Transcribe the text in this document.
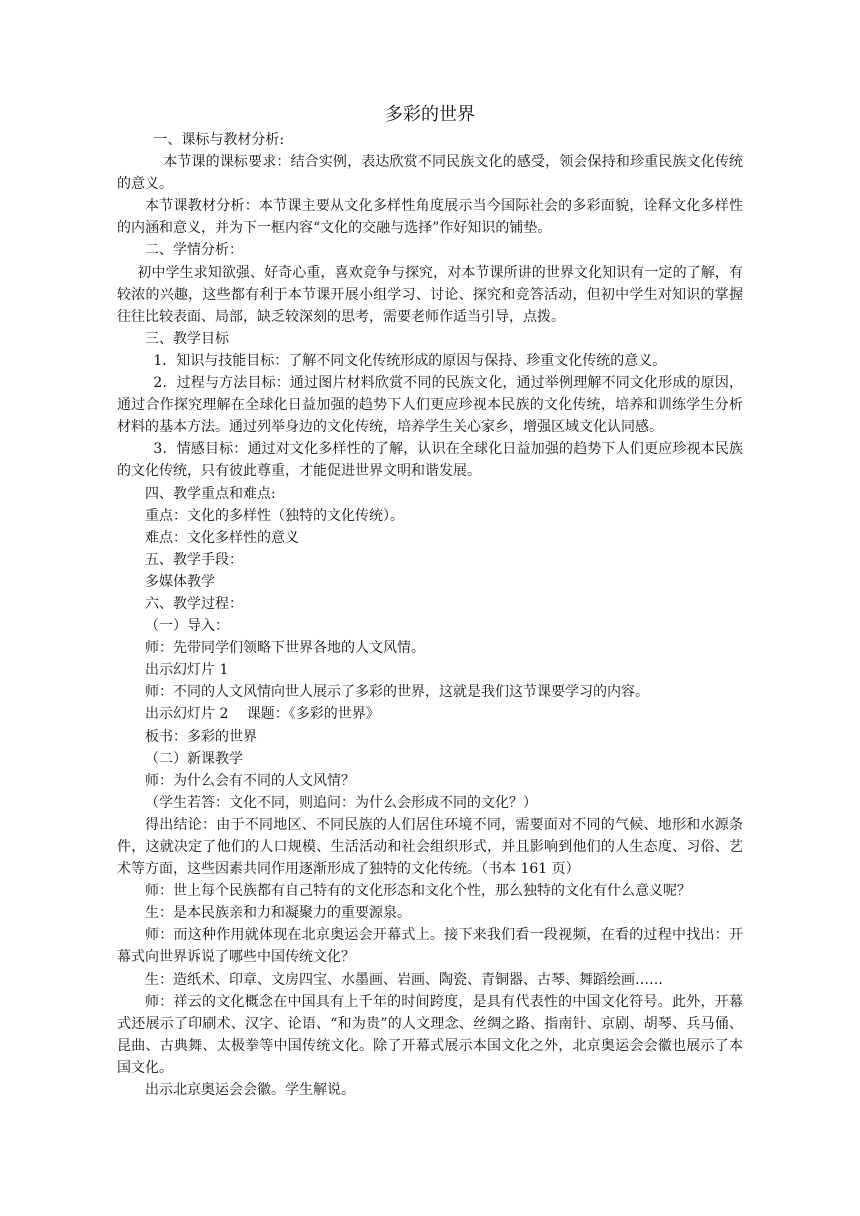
多彩的世界

一、课标与教材分析:

本节课的课标要求：结合实例，表达欣赏不同民族文化的感受，领会保持和珍重民族文化传统的意义。

本节课教材分析：本节课主要从文化多样性角度展示当今国际社会的多彩面貌，诠释文化多样性的内涵和意义，并为下一框内容“文化的交融与选择”作好知识的铺垫。

二、学情分析：

初中学生求知欲强、好奇心重，喜欢竞争与探究，对本节课所讲的世界文化知识有一定的了解，有较浓的兴趣，这些都有利于本节课开展小组学习、讨论、探究和竞答活动，但初中学生对知识的掌握往往比较表面、局部，缺乏较深刻的思考，需要老师作适当引导，点拨。

三、教学目标

1．知识与技能目标：了解不同文化传统形成的原因与保持、珍重文化传统的意义。

2．过程与方法目标：通过图片材料欣赏不同的民族文化，通过举例理解不同文化形成的原因，通过合作探究理解在全球化日益加强的趋势下人们更应珍视本民族的文化传统，培养和训练学生分析材料的基本方法。通过列举身边的文化传统，培养学生关心家乡，增强区域文化认同感。

3．情感目标：通过对文化多样性的了解，认识在全球化日益加强的趋势下人们更应珍视本民族的文化传统，只有彼此尊重，才能促进世界文明和谐发展。

四、教学重点和难点:

重点：文化的多样性（独特的文化传统）。

难点：文化多样性的意义

五、教学手段：

多媒体教学

六、教学过程：

（一）导入：

师：先带同学们领略下世界各地的人文风情。

出示幻灯片 1

师：不同的人文风情向世人展示了多彩的世界，这就是我们这节课要学习的内容。

出示幻灯片 2　 课题：《多彩的世界》

板书：多彩的世界

（二）新课教学

师：为什么会有不同的人文风情？

（学生若答：文化不同，则追问：为什么会形成不同的文化？）

得出结论：由于不同地区、不同民族的人们居住环境不同，需要面对不同的气候、地形和水源条件，这就决定了他们的人口规模、生活活动和社会组织形式，并且影响到他们的人生态度、习俗、艺术等方面，这些因素共同作用逐渐形成了独特的文化传统。（书本 161 页）

师：世上每个民族都有自己特有的文化形态和文化个性，那么独特的文化有什么意义呢？

生：是本民族亲和力和凝聚力的重要源泉。

师：而这种作用就体现在北京奥运会开幕式上。接下来我们看一段视频，在看的过程中找出：开幕式向世界诉说了哪些中国传统文化？

生：造纸术、印章、文房四宝、水墨画、岩画、陶瓷、青铜器、古琴、舞蹈绘画……

师：祥云的文化概念在中国具有上千年的时间跨度，是具有代表性的中国文化符号。此外，开幕式还展示了印刷术、汉字、论语、“和为贵”的人文理念、丝绸之路、指南针、京剧、胡琴、兵马俑、昆曲、古典舞、太极拳等中国传统文化。除了开幕式展示本国文化之外，北京奥运会会徽也展示了本国文化。

出示北京奥运会会徽。学生解说。
